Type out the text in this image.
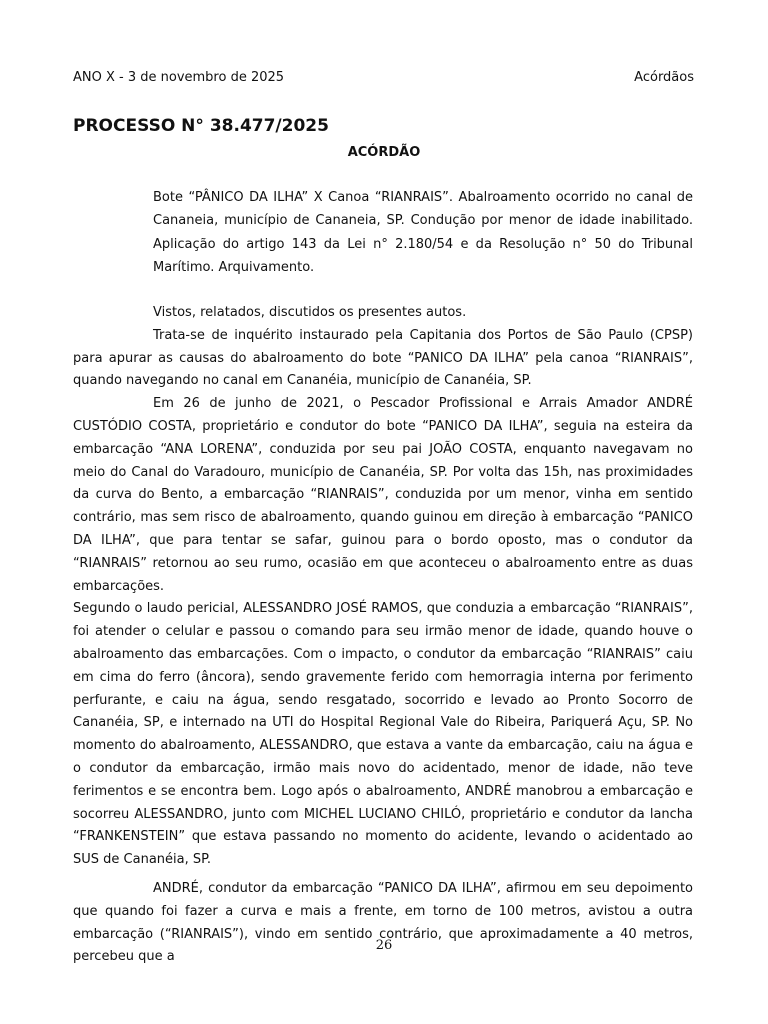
ANO X - 3 de novembro de 2025	Acórdãos
PROCESSO N° 38.477/2025
ACÓRDÃO

Bote “PÂNICO DA ILHA” X Canoa “RIANRAIS”. Abalroamento ocorrido no canal de Cananeia, município de Cananeia, SP. Condução por menor de idade inabilitado. Aplicação do artigo 143 da Lei n° 2.180/54 e da Resolução n° 50 do Tribunal Marítimo. Arquivamento.

Vistos, relatados, discutidos os presentes autos.

Trata-se de inquérito instaurado pela Capitania dos Portos de São Paulo (CPSP) para apurar as causas do abalroamento do bote “PANICO DA ILHA” pela canoa “RIANRAIS”, quando navegando no canal em Cananéia, município de Cananéia, SP.

Em 26 de junho de 2021, o Pescador Profissional e Arrais Amador ANDRÉ CUSTÓDIO COSTA, proprietário e condutor do bote “PANICO DA ILHA”, seguia na esteira da embarcação “ANA LORENA”, conduzida por seu pai JOÃO COSTA, enquanto navegavam no meio do Canal do Varadouro, município de Cananéia, SP. Por volta das 15h, nas proximidades da curva do Bento, a embarcação “RIANRAIS”, conduzida por um menor, vinha em sentido contrário, mas sem risco de abalroamento, quando guinou em direção à embarcação “PANICO DA ILHA”, que para tentar se safar, guinou para o bordo oposto, mas o condutor da “RIANRAIS” retornou ao seu rumo, ocasião em que aconteceu o abalroamento entre as duas embarcações.

Segundo o laudo pericial, ALESSANDRO JOSÉ RAMOS, que conduzia a embarcação “RIANRAIS”, foi atender o celular e passou o comando para seu irmão menor de idade, quando houve o abalroamento das embarcações. Com o impacto, o condutor da embarcação “RIANRAIS” caiu em cima do ferro (âncora), sendo gravemente ferido com hemorragia interna por ferimento perfurante, e caiu na água, sendo resgatado, socorrido e levado ao Pronto Socorro de Cananéia, SP, e internado na UTI do Hospital Regional Vale do Ribeira, Pariquerá Açu, SP. No momento do abalroamento, ALESSANDRO, que estava a vante da embarcação, caiu na água e o condutor da embarcação, irmão mais novo do acidentado, menor de idade, não teve ferimentos e se encontra bem. Logo após o abalroamento, ANDRÉ manobrou a embarcação e socorreu ALESSANDRO, junto com MICHEL LUCIANO CHILÓ, proprietário e condutor da lancha “FRANKENSTEIN” que estava passando no momento do acidente, levando o acidentado ao SUS de Cananéia, SP.

ANDRÉ, condutor da embarcação “PANICO DA ILHA”, afirmou em seu depoimento que quando foi fazer a curva e mais a frente, em torno de 100 metros, avistou a outra embarcação (“RIANRAIS”), vindo em sentido contrário, que aproximadamente a 40 metros, percebeu que a

26
